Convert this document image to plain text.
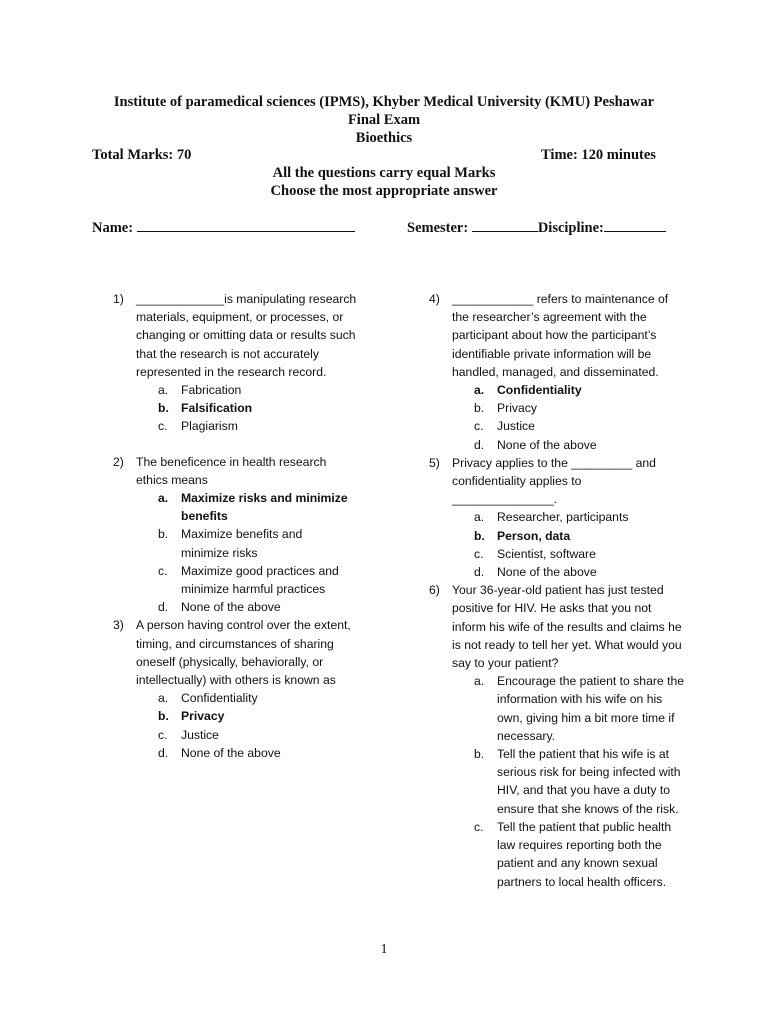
Institute of paramedical sciences (IPMS), Khyber Medical University (KMU) Peshawar
Final Exam
Bioethics
Total Marks: 70	Time: 120 minutes
All the questions carry equal Marks
Choose the most appropriate answer
Name:	Semester:	Discipline:
1) _____________is manipulating research materials, equipment, or processes, or changing or omitting data or results such that the research is not accurately represented in the research record.
a. Fabrication
b. Falsification
c. Plagiarism
2) The beneficence in health research ethics means
a. Maximize risks and minimize benefits
b. Maximize benefits and minimize risks
c. Maximize good practices and minimize harmful practices
d. None of the above
3) A person having control over the extent, timing, and circumstances of sharing oneself (physically, behaviorally, or intellectually) with others is known as
a. Confidentiality
b. Privacy
c. Justice
d. None of the above
4) ____________ refers to maintenance of the researcher’s agreement with the participant about how the participant’s identifiable private information will be handled, managed, and disseminated.
a. Confidentiality
b. Privacy
c. Justice
d. None of the above
5) Privacy applies to the _________ and confidentiality applies to _______________.
a. Researcher, participants
b. Person, data
c. Scientist, software
d. None of the above
6) Your 36-year-old patient has just tested positive for HIV. He asks that you not inform his wife of the results and claims he is not ready to tell her yet. What would you say to your patient?
a. Encourage the patient to share the information with his wife on his own, giving him a bit more time if necessary.
b. Tell the patient that his wife is at serious risk for being infected with HIV, and that you have a duty to ensure that she knows of the risk.
c. Tell the patient that public health law requires reporting both the patient and any known sexual partners to local health officers.
1
